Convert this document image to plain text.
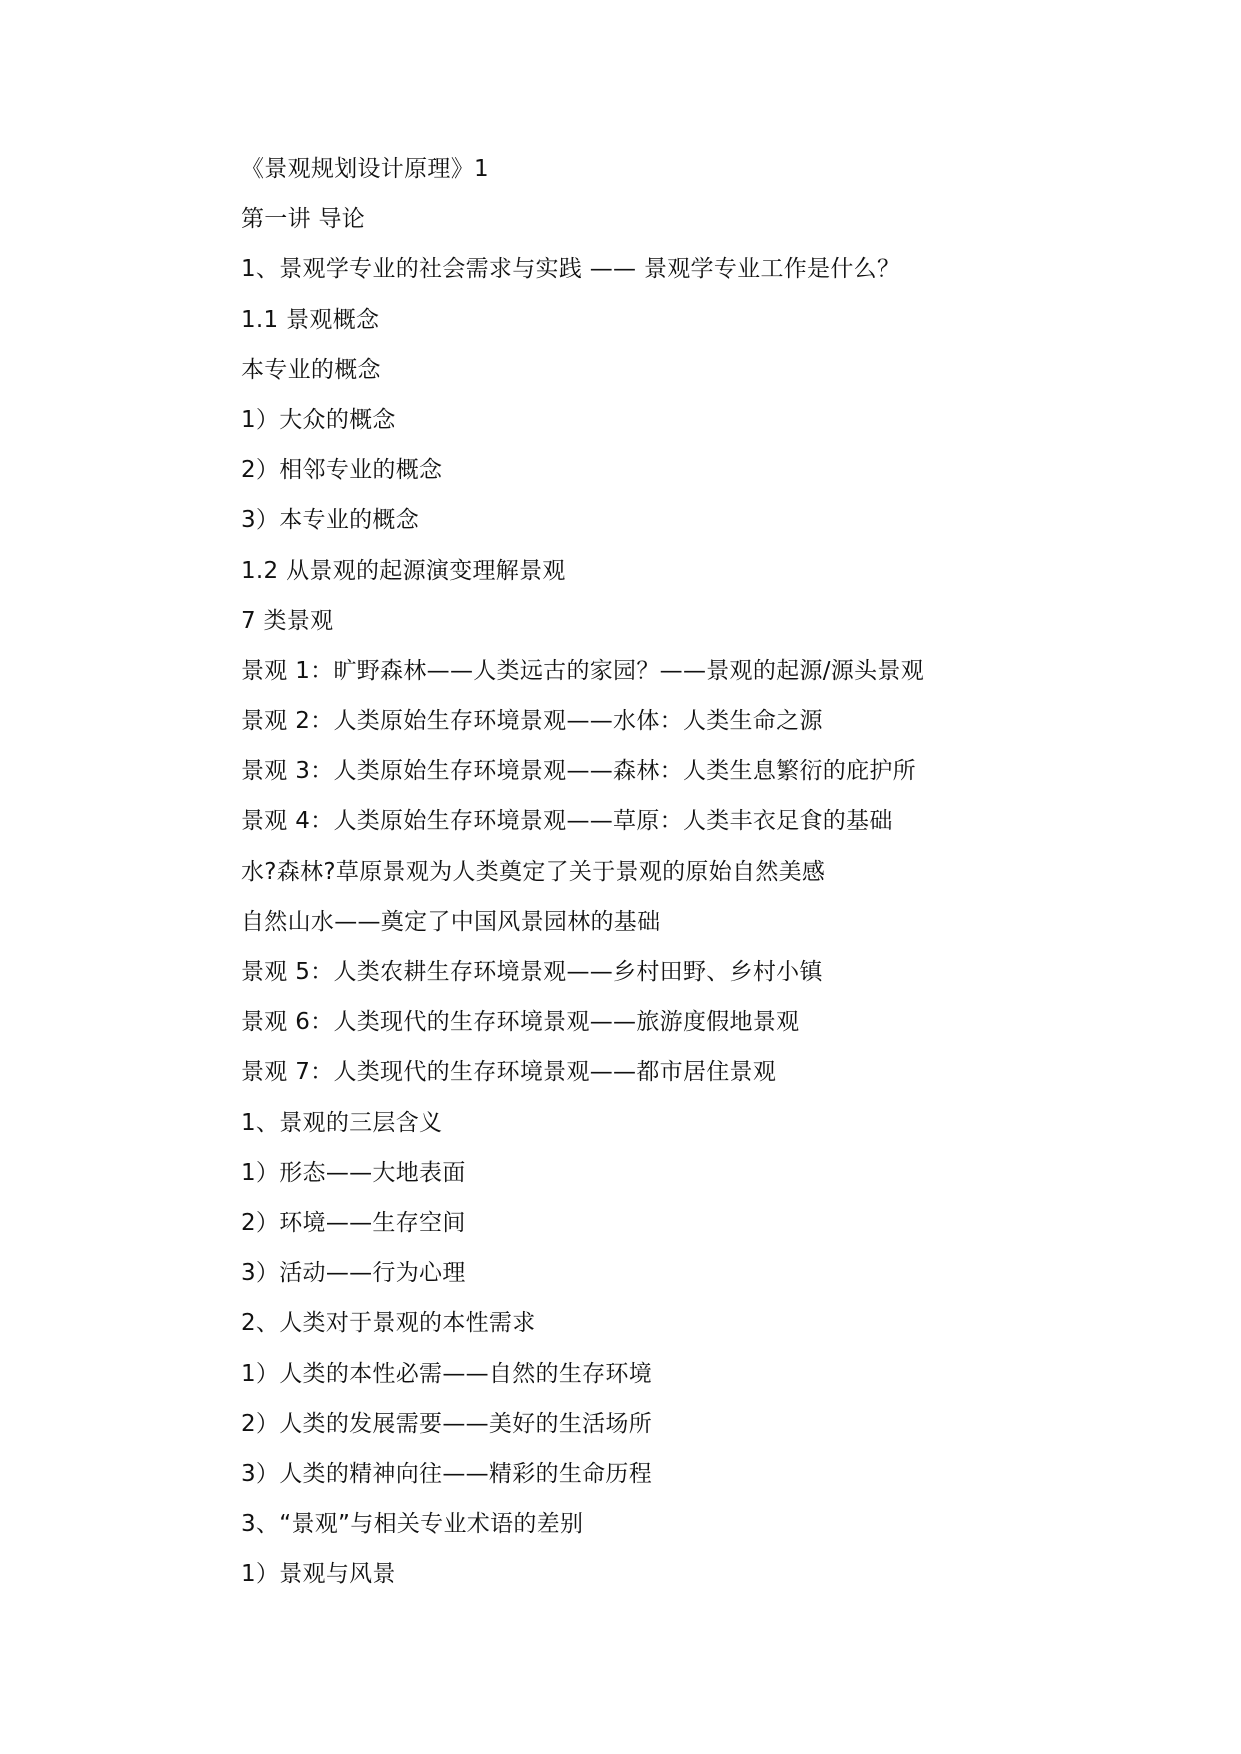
《景观规划设计原理》1
第一讲 导论
1、景观学专业的社会需求与实践 —— 景观学专业工作是什么？
1.1 景观概念
本专业的概念
1）大众的概念
2）相邻专业的概念
3）本专业的概念
1.2 从景观的起源演变理解景观
7 类景观
景观 1：旷野森林——人类远古的家园？——景观的起源/源头景观
景观 2：人类原始生存环境景观——水体：人类生命之源
景观 3：人类原始生存环境景观——森林：人类生息繁衍的庇护所
景观 4：人类原始生存环境景观——草原：人类丰衣足食的基础
水?森林?草原景观为人类奠定了关于景观的原始自然美感
自然山水——奠定了中国风景园林的基础
景观 5：人类农耕生存环境景观——乡村田野、乡村小镇
景观 6：人类现代的生存环境景观——旅游度假地景观
景观 7：人类现代的生存环境景观——都市居住景观
1、景观的三层含义
1）形态——大地表面
2）环境——生存空间
3）活动——行为心理
2、人类对于景观的本性需求
1）人类的本性必需——自然的生存环境
2）人类的发展需要——美好的生活场所
3）人类的精神向往——精彩的生命历程
3、“景观”与相关专业术语的差别
1）景观与风景
